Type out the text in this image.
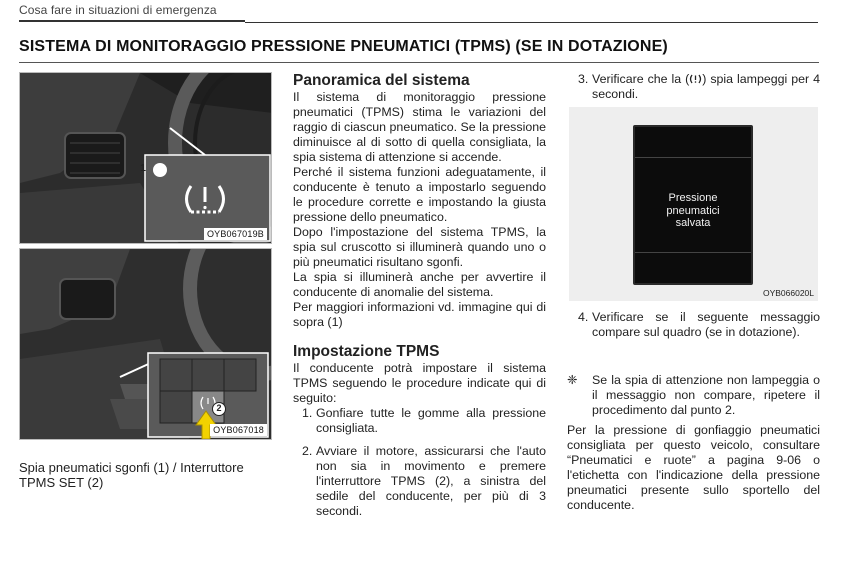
Cosa fare in situazioni di emergenza
SISTEMA DI MONITORAGGIO PRESSIONE PNEUMATICI (TPMS) (SE IN DOTAZIONE)
1
OYB067019B
2
OYB067018
Spia pneumatici sgonfi (1) / Interruttore TPMS SET (2)
Panoramica del sistema

Il sistema di monitoraggio pressione pneumatici (TPMS) stima le variazioni del raggio di ciascun pneumatico. Se la pressione diminuisce al di sotto di quella consigliata, la spia sistema di attenzione si accende.

Perché il sistema funzioni adeguatamente, il conducente è tenuto a impostarlo seguendo le procedure corrette e impostando la giusta pressione dello pneumatico.

Dopo l'impostazione del sistema TPMS, la spia sul cruscotto si illuminerà quando uno o più pneumatici risultano sgonfi.

La spia si illuminerà anche per avvertire il conducente di anomalie del sistema.

Per maggiori informazioni vd. immagine qui di sopra (1)

Impostazione TPMS

Il conducente potrà impostare il sistema TPMS seguendo le procedure indicate qui di seguito:

1. Gonfiare tutte le gomme alla pressione consigliata.

2. Avviare il motore, assicurarsi che l'auto non sia in movimento e premere l'interruttore TPMS (2), a sinistra del sedile del conducente, per più di 3 secondi.

3. Verificare che la ( ) spia lampeggi per 4 secondi.

Pressione
pneumatici
salvata
OYB066020L

4. Verificare se il seguente messaggio compare sul quadro (se in dotazione).

❈ Se la spia di attenzione non lampeggia o il messaggio non compare, ripetere il procedimento dal punto 2.

Per la pressione di gonfiaggio pneumatici consigliata per questo veicolo, consultare “Pneumatici e ruote” a pagina 9-06 o l'etichetta con l'indicazione della pressione pneumatici presente sullo sportello del conducente.
